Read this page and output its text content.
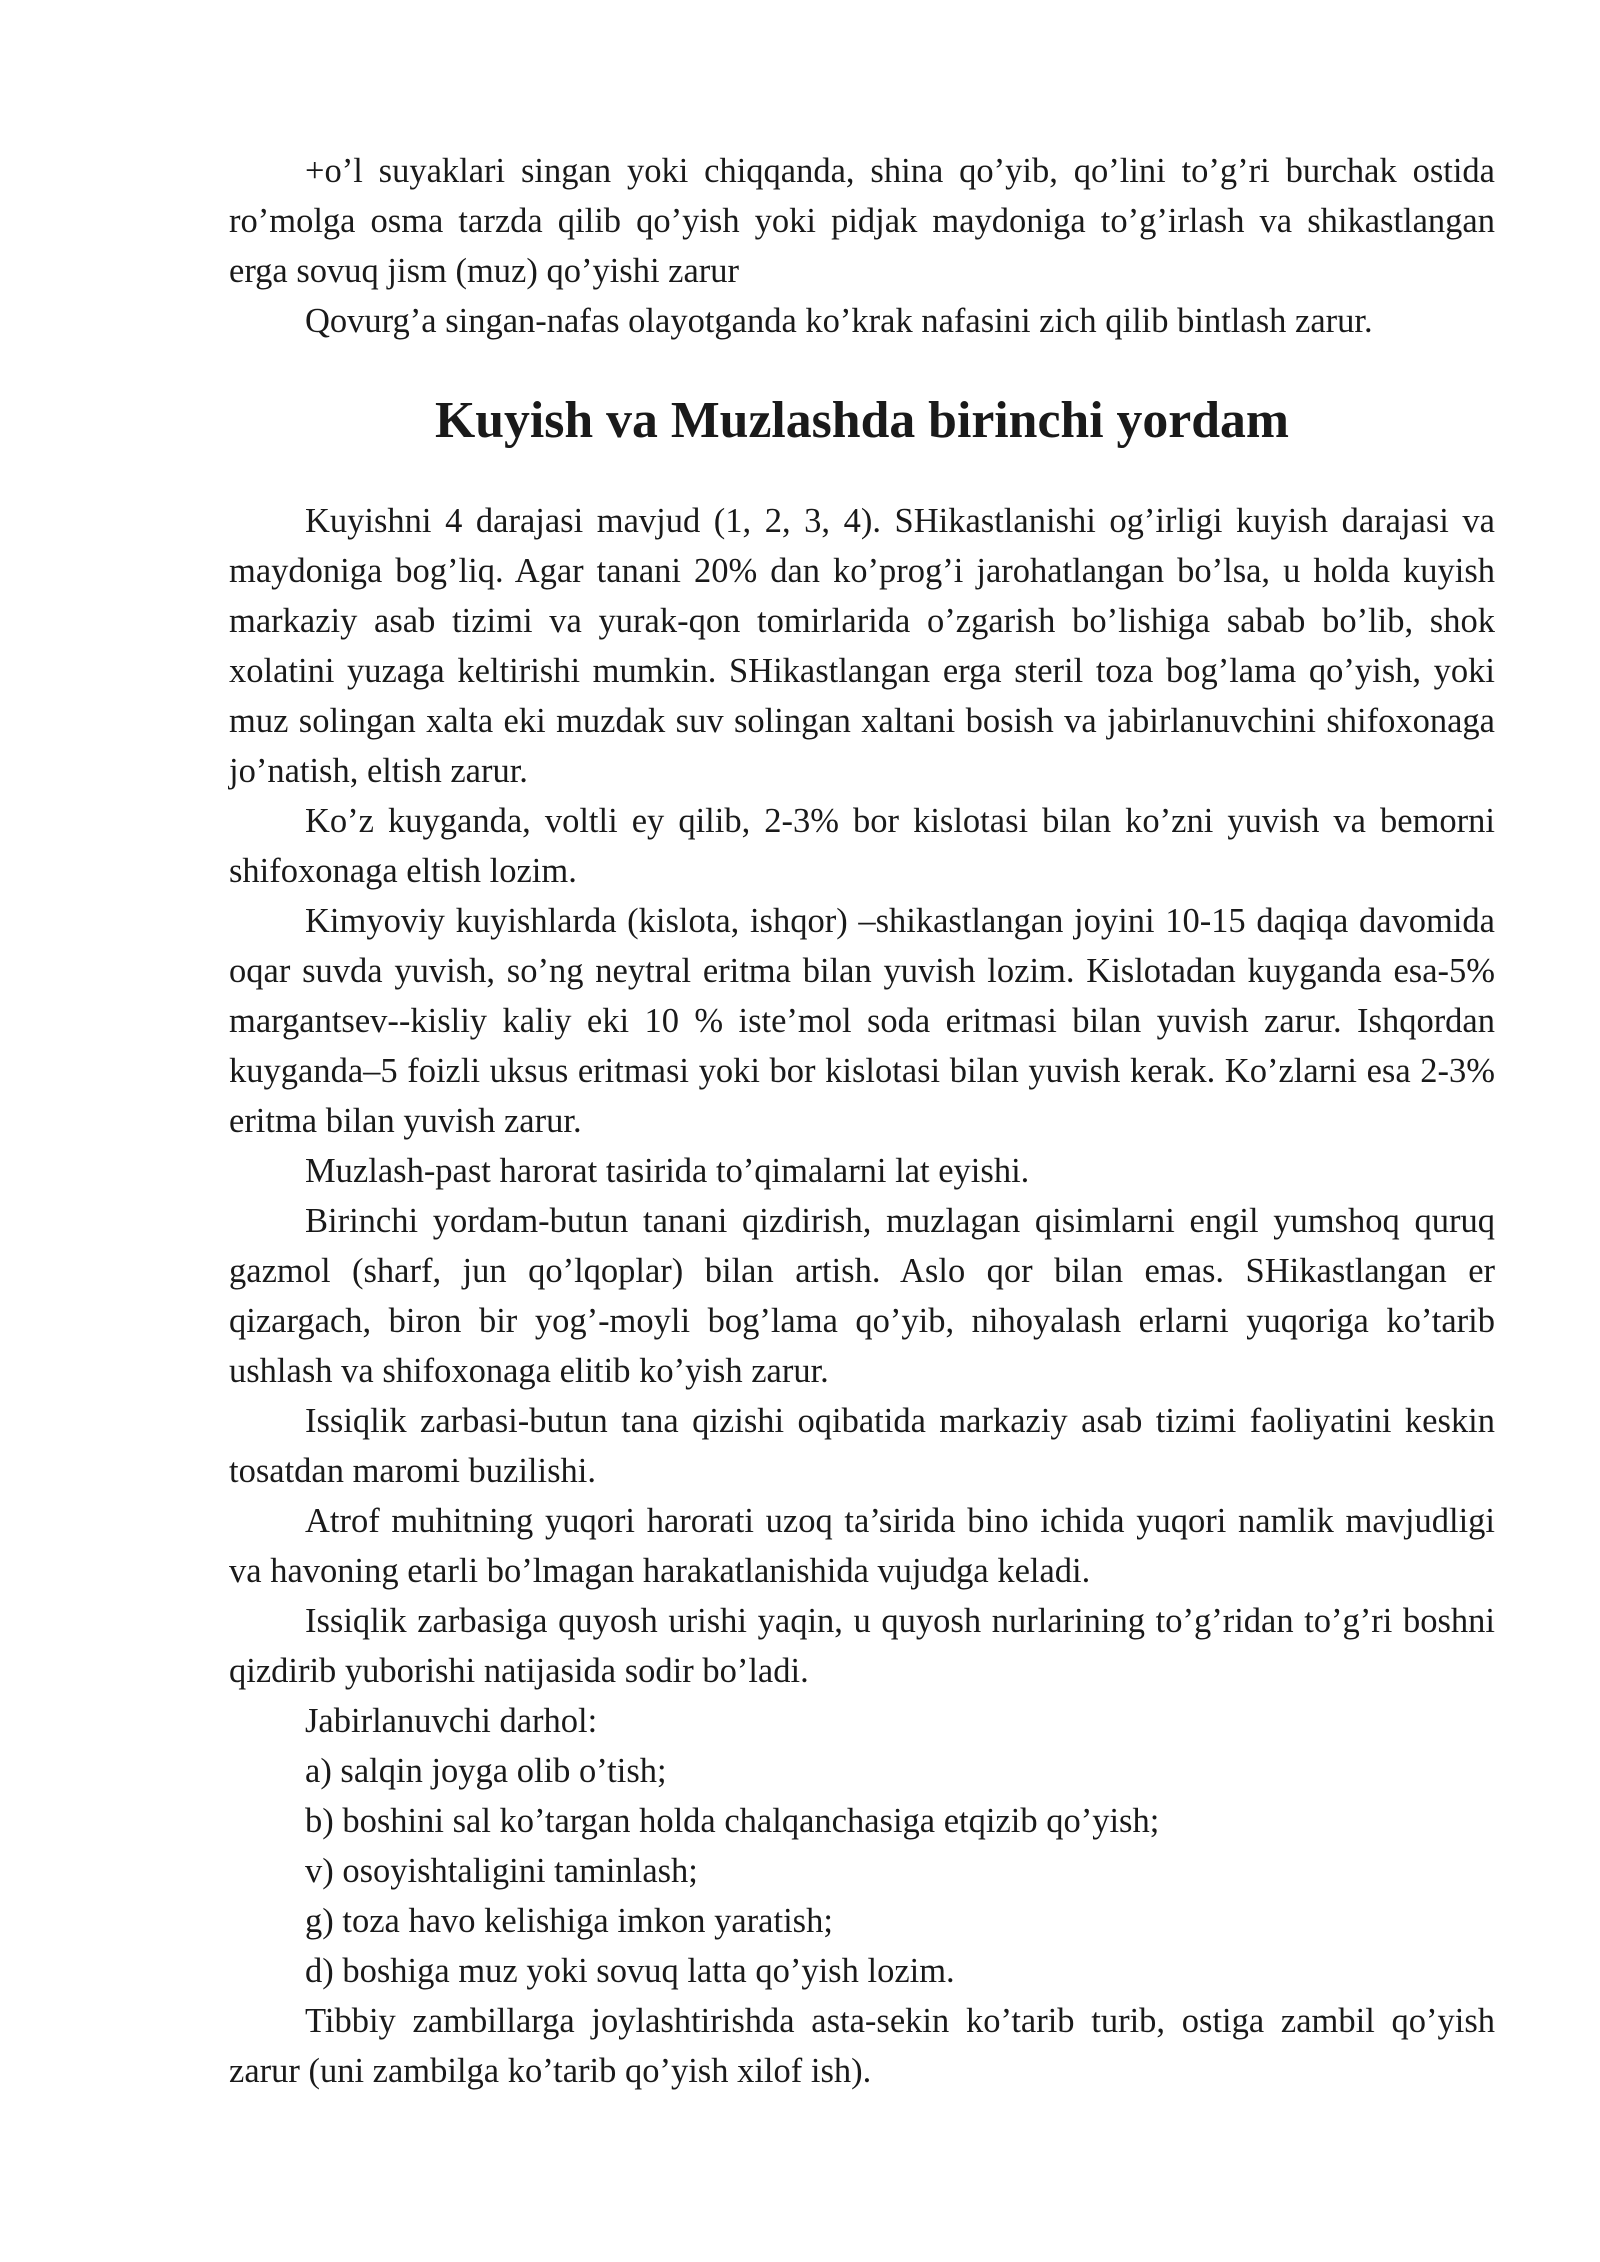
+o’l suyaklari singan yoki chiqqanda, shina qo’yib, qo’lini to’g’ri burchak ostida ro’molga osma tarzda qilib qo’yish yoki pidjak maydoniga to’g’irlash va shikastlangan erga sovuq jism (muz) qo’yishi zarur

Qovurg’a singan-nafas olayotganda ko’krak nafasini zich qilib bintlash zarur.

Kuyish va Muzlashda birinchi yordam

Kuyishni 4 darajasi mavjud (1, 2, 3, 4). SHikastlanishi og’irligi kuyish darajasi va maydoniga bog’liq. Agar tanani 20% dan ko’prog’i jarohatlangan bo’lsa, u holda kuyish markaziy asab tizimi va yurak-qon tomirlarida o’zgarish bo’lishiga sabab bo’lib, shok xolatini yuzaga keltirishi mumkin. SHikastlangan erga steril toza bog’lama qo’yish, yoki muz solingan xalta eki muzdak suv solingan xaltani bosish va jabirlanuvchini shifoxonaga jo’natish, eltish zarur.

Ko’z kuyganda, voltli ey qilib, 2-3% bor kislotasi bilan ko’zni yuvish va bemorni shifoxonaga eltish lozim.

Kimyoviy kuyishlarda (kislota, ishqor) –shikastlangan joyini 10-15 daqiqa davomida oqar suvda yuvish, so’ng neytral eritma bilan yuvish lozim. Kislotadan kuyganda esa-5% margantsev--kisliy kaliy eki 10 % iste’mol soda eritmasi bilan yuvish zarur. Ishqordan kuyganda–5 foizli uksus eritmasi yoki bor kislotasi bilan yuvish kerak. Ko’zlarni esa 2-3% eritma bilan yuvish zarur.

Muzlash-past harorat tasirida to’qimalarni lat eyishi.

Birinchi yordam-butun tanani qizdirish, muzlagan qisimlarni engil yumshoq quruq gazmol (sharf, jun qo’lqoplar) bilan artish. Aslo qor bilan emas. SHikastlangan er qizargach, biron bir yog’-moyli bog’lama qo’yib, nihoyalash erlarni yuqoriga ko’tarib ushlash va shifoxonaga elitib ko’yish zarur.

Issiqlik zarbasi-butun tana qizishi oqibatida markaziy asab tizimi faoliyatini keskin tosatdan maromi buzilishi.

Atrof muhitning yuqori harorati uzoq ta’sirida bino ichida yuqori namlik mavjudligi va havoning etarli bo’lmagan harakatlanishida vujudga keladi.

Issiqlik zarbasiga quyosh urishi yaqin, u quyosh nurlarining to’g’ridan to’g’ri boshni qizdirib yuborishi natijasida sodir bo’ladi.

Jabirlanuvchi darhol:

a) salqin joyga olib o’tish;

b) boshini sal ko’targan holda chalqanchasiga etqizib qo’yish;

v) osoyishtaligini taminlash;

g) toza havo kelishiga imkon yaratish;

d) boshiga muz yoki sovuq latta qo’yish lozim.

Tibbiy zambillarga joylashtirishda asta-sekin ko’tarib turib, ostiga zambil qo’yish zarur (uni zambilga ko’tarib qo’yish xilof ish).
